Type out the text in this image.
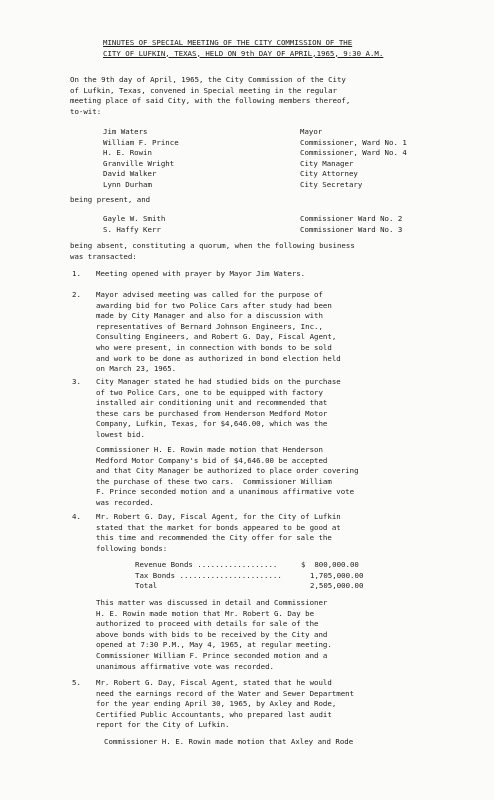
MINUTES OF SPECIAL MEETING OF THE CITY COMMISSION OF THE
CITY OF LUFKIN, TEXAS, HELD ON 9th DAY OF APRIL,1965, 9:30 A.M.
On the 9th day of April, 1965, the City Commission of the City
of Lufkin, Texas, convened in Special meeting in the regular
meeting place of said City, with the following members thereof,
to-wit:
Jim Waters	Mayor
William F. Prince	Commissioner, Ward No. 1
H. E. Rowin	Commissioner, Ward No. 4
Granville Wright	City Manager
David Walker	City Attorney
Lynn Durham	City Secretary
being present, and
Gayle W. Smith	Commissioner Ward No. 2
S. Haffy Kerr	Commissioner Ward No. 3
being absent, constituting a quorum, when the following business
was transacted:
1. Meeting opened with prayer by Mayor Jim Waters.
2. Mayor advised meeting was called for the purpose of
awarding bid for two Police Cars after study had been
made by City Manager and also for a discussion with
representatives of Bernard Johnson Engineers, Inc.,
Consulting Engineers, and Robert G. Day, Fiscal Agent,
who were present, in connection with bonds to be sold
and work to be done as authorized in bond election held
on March 23, 1965.
3. City Manager stated he had studied bids on the purchase
of two Police Cars, one to be equipped with factory
installed air conditioning unit and recommended that
these cars be purchased from Henderson Medford Motor
Company, Lufkin, Texas, for $4,646.00, which was the
lowest bid.
Commissioner H. E. Rowin made motion that Henderson
Medford Motor Company's bid of $4,646.00 be accepted
and that City Manager be authorized to place order covering
the purchase of these two cars.  Commissioner William
F. Prince seconded motion and a unanimous affirmative vote
was recorded.
4. Mr. Robert G. Day, Fiscal Agent, for the City of Lufkin
stated that the market for bonds appeared to be good at
this time and recommended the City offer for sale the
following bonds:
Revenue Bonds ..................	$  800,000.00
Tax Bonds .......................	1,705,000.00
Total	2,505,000.00
This matter was discussed in detail and Commissioner
H. E. Rowin made motion that Mr. Robert G. Day be
authorized to proceed with details for sale of the
above bonds with bids to be received by the City and
opened at 7:30 P.M., May 4, 1965, at regular meeting.
Commissioner William F. Prince seconded motion and a
unanimous affirmative vote was recorded.
5. Mr. Robert G. Day, Fiscal Agent, stated that he would
need the earnings record of the Water and Sewer Department
for the year ending April 30, 1965, by Axley and Rode,
Certified Public Accountants, who prepared last audit
report for the City of Lufkin.
Commissioner H. E. Rowin made motion that Axley and Rode
